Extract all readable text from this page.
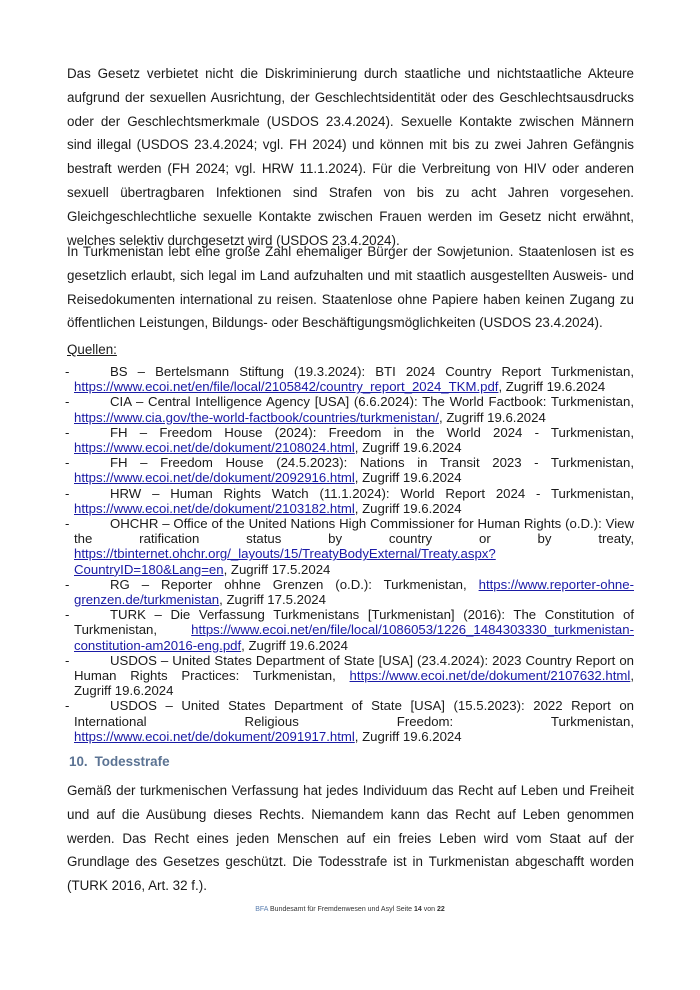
Das Gesetz verbietet nicht die Diskriminierung durch staatliche und nichtstaatliche Akteure aufgrund der sexuellen Ausrichtung, der Geschlechtsidentität oder des Geschlechtsausdrucks oder der Geschlechtsmerkmale (USDOS 23.4.2024). Sexuelle Kontakte zwischen Männern sind illegal (USDOS 23.4.2024; vgl. FH 2024) und können mit bis zu zwei Jahren Gefängnis bestraft werden (FH 2024; vgl. HRW 11.1.2024). Für die Verbreitung von HIV oder anderen sexuell übertragbaren Infektionen sind Strafen von bis zu acht Jahren vorgesehen. Gleichgeschlechtliche sexuelle Kontakte zwischen Frauen werden im Gesetz nicht erwähnt, welches selektiv durchgesetzt wird (USDOS 23.4.2024).

In Turkmenistan lebt eine große Zahl ehemaliger Bürger der Sowjetunion. Staatenlosen ist es gesetzlich erlaubt, sich legal im Land aufzuhalten und mit staatlich ausgestellten Ausweis- und Reisedokumenten international zu reisen. Staatenlose ohne Papiere haben keinen Zugang zu öffentlichen Leistungen, Bildungs- oder Beschäftigungsmöglichkeiten (USDOS 23.4.2024).

Quellen:

-	BS – Bertelsmann Stiftung (19.3.2024): BTI 2024 Country Report Turkmenistan, https://www.ecoi.net/en/file/local/2105842/country_report_2024_TKM.pdf, Zugriff 19.6.2024
-	CIA – Central Intelligence Agency [USA] (6.6.2024): The World Factbook: Turkmenistan, https://www.cia.gov/the-world-factbook/countries/turkmenistan/, Zugriff 19.6.2024
-	FH – Freedom House (2024): Freedom in the World 2024 - Turkmenistan, https://www.ecoi.net/de/dokument/2108024.html, Zugriff 19.6.2024
-	FH – Freedom House (24.5.2023): Nations in Transit 2023 - Turkmenistan, https://www.ecoi.net/de/dokument/2092916.html, Zugriff 19.6.2024
-	HRW – Human Rights Watch (11.1.2024): World Report 2024 - Turkmenistan, https://www.ecoi.net/de/dokument/2103182.html, Zugriff 19.6.2024
-	OHCHR – Office of the United Nations High Commissioner for Human Rights (o.D.): View the ratification status by country or by treaty, https://tbinternet.ohchr.org/_layouts/15/TreatyBodyExternal/Treaty.aspx?CountryID=180&Lang=en, Zugriff 17.5.2024
-	RG – Reporter ohhne Grenzen (o.D.): Turkmenistan, https://www.reporter-ohne-grenzen.de/turkmenistan, Zugriff 17.5.2024
-	TURK – Die Verfassung Turkmenistans [Turkmenistan] (2016): The Constitution of Turkmenistan, https://www.ecoi.net/en/file/local/1086053/1226_1484303330_turkmenistan-constitution-am2016-eng.pdf, Zugriff 19.6.2024
-	USDOS – United States Department of State [USA] (23.4.2024): 2023 Country Report on Human Rights Practices: Turkmenistan, https://www.ecoi.net/de/dokument/2107632.html, Zugriff 19.6.2024
-	USDOS – United States Department of State [USA] (15.5.2023): 2022 Report on International Religious Freedom: Turkmenistan, https://www.ecoi.net/de/dokument/2091917.html, Zugriff 19.6.2024
10. Todesstrafe

Gemäß der turkmenischen Verfassung hat jedes Individuum das Recht auf Leben und Freiheit und auf die Ausübung dieses Rechts. Niemandem kann das Recht auf Leben genommen werden. Das Recht eines jeden Menschen auf ein freies Leben wird vom Staat auf der Grundlage des Gesetzes geschützt. Die Todesstrafe ist in Turkmenistan abgeschafft worden (TURK 2016, Art. 32 f.).

BFA Bundesamt für Fremdenwesen und Asyl Seite 14 von 22
